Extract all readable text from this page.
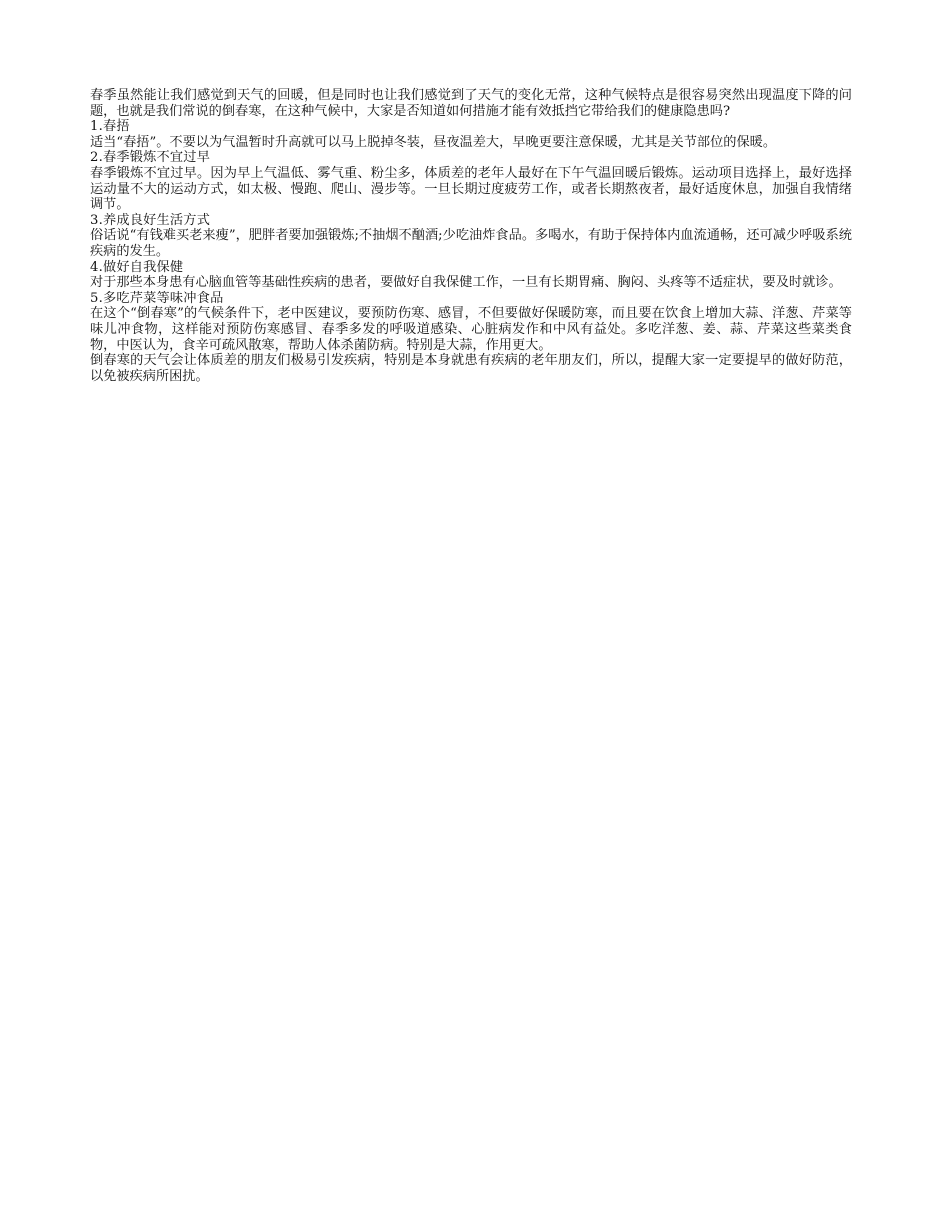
春季虽然能让我们感觉到天气的回暖，但是同时也让我们感觉到了天气的变化无常，这种气候特点是很容易突然出现温度下降的问题，也就是我们常说的倒春寒，在这种气候中，大家是否知道如何措施才能有效抵挡它带给我们的健康隐患吗?

1.春捂

适当“春捂”。不要以为气温暂时升高就可以马上脱掉冬装，昼夜温差大，早晚更要注意保暖，尤其是关节部位的保暖。

2.春季锻炼不宜过早

春季锻炼不宜过早。因为早上气温低、雾气重、粉尘多，体质差的老年人最好在下午气温回暖后锻炼。运动项目选择上，最好选择运动量不大的运动方式，如太极、慢跑、爬山、漫步等。一旦长期过度疲劳工作，或者长期熬夜者，最好适度休息，加强自我情绪调节。

3.养成良好生活方式

俗话说“有钱难买老来瘦”，肥胖者要加强锻炼;不抽烟不酗酒;少吃油炸食品。多喝水，有助于保持体内血流通畅，还可减少呼吸系统疾病的发生。

4.做好自我保健

对于那些本身患有心脑血管等基础性疾病的患者，要做好自我保健工作，一旦有长期胃痛、胸闷、头疼等不适症状，要及时就诊。

5.多吃芹菜等味冲食品

在这个“倒春寒”的气候条件下，老中医建议，要预防伤寒、感冒，不但要做好保暖防寒，而且要在饮食上增加大蒜、洋葱、芹菜等味儿冲食物，这样能对预防伤寒感冒、春季多发的呼吸道感染、心脏病发作和中风有益处。多吃洋葱、姜、蒜、芹菜这些菜类食物，中医认为，食辛可疏风散寒，帮助人体杀菌防病。特别是大蒜，作用更大。

倒春寒的天气会让体质差的朋友们极易引发疾病，特别是本身就患有疾病的老年朋友们，所以，提醒大家一定要提早的做好防范，以免被疾病所困扰。
